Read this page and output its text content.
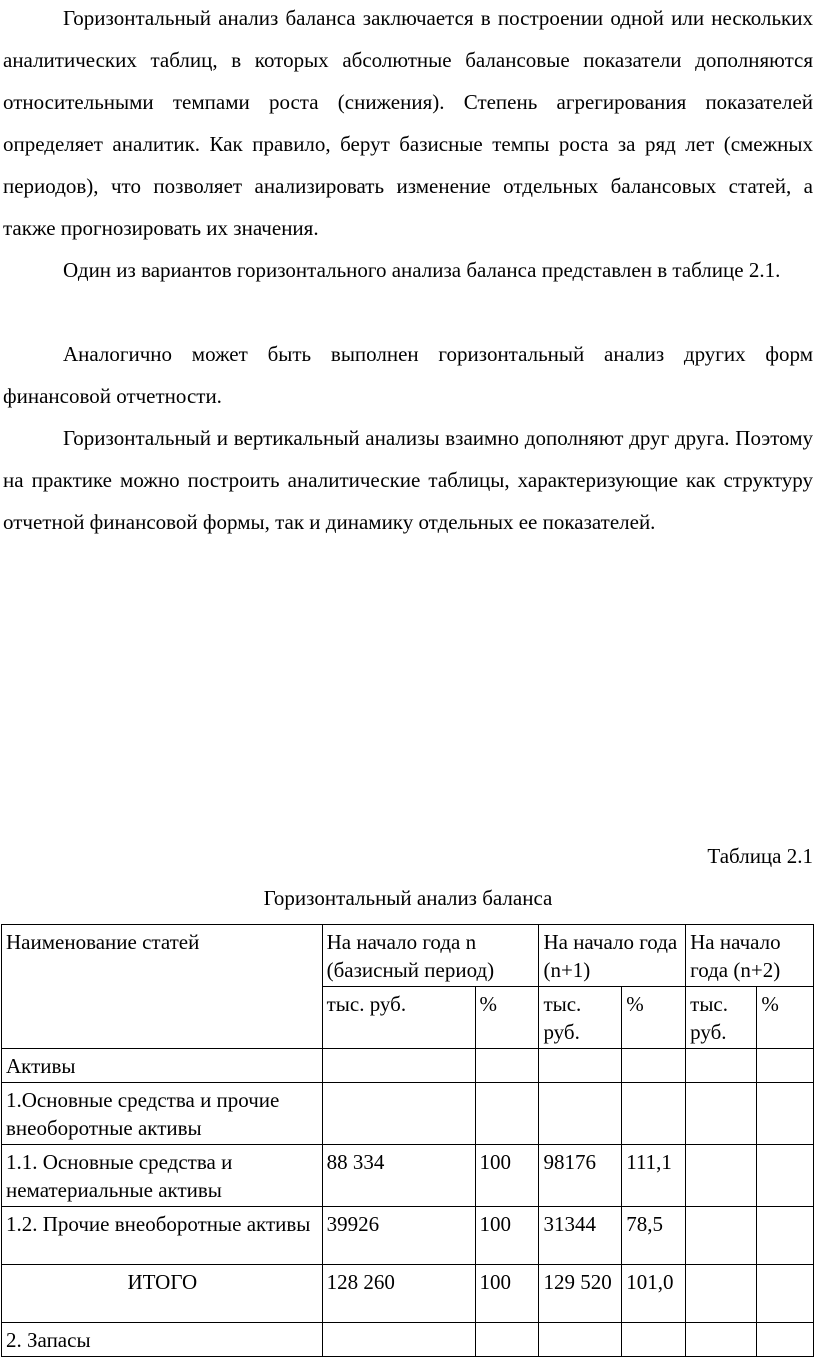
Горизонтальный анализ баланса заключается в построении одной или нескольких аналитических таблиц, в которых абсолютные балансовые показатели дополняются относительными темпами роста (снижения). Степень агрегирования показателей определяет аналитик. Как правило, берут базисные темпы роста за ряд лет (смежных периодов), что позволяет анализировать изменение отдельных балансовых статей, а также прогнозировать их значения.

Один из вариантов горизонтального анализа баланса представлен в таблице 2.1.

Аналогично может быть выполнен горизонтальный анализ других форм финансовой отчетности.

Горизонтальный и вертикальный анализы взаимно дополняют друг друга. Поэтому на практике можно построить аналитические таблицы, характеризующие как структуру отчетной финансовой формы, так и динамику отдельных ее показателей.

Таблица 2.1

Горизонтальный анализ баланса

Наименование статей	На начало года n (базисный период)		На начало года (n+1)		На начало года (n+2)	
	тыс. руб.	%	тыс. руб.	%	тыс. руб.	%
Активы						
1.Основные средства и прочие внеоборотные активы						
1.1. Основные средства и нематериальные активы	88 334	100	98176	111,1		
1.2. Прочие внеоборотные активы	39926	100	31344	78,5		
ИТОГО	128 260	100	129 520	101,0		
2. Запасы						
